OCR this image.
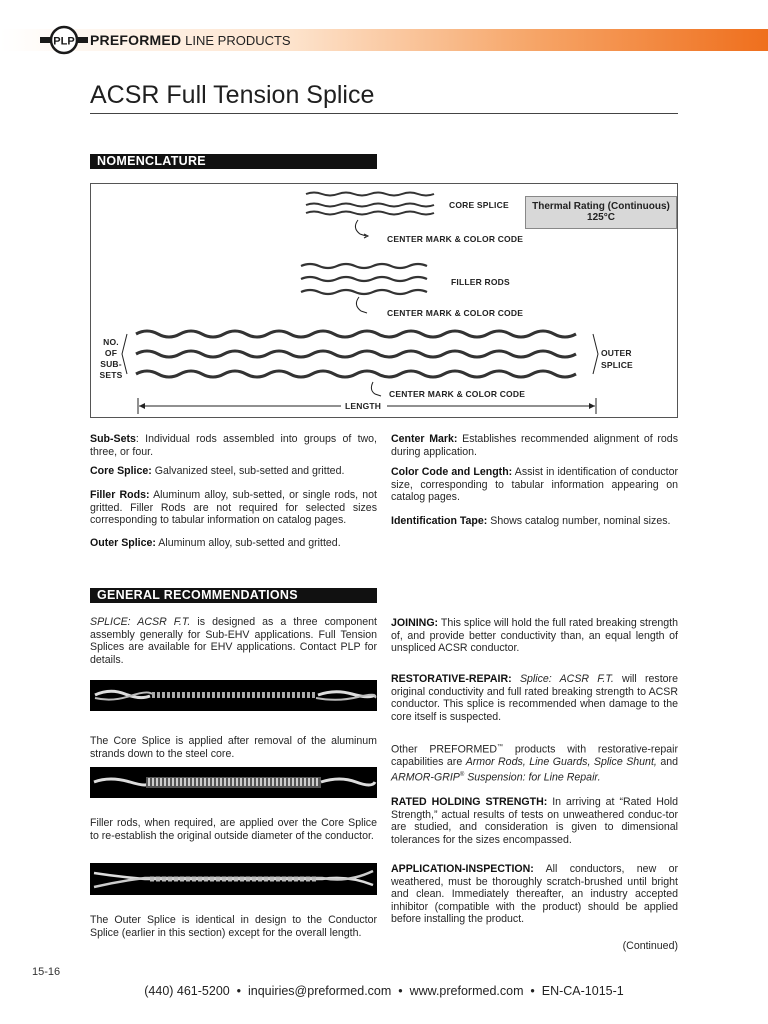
PLP PREFORMED LINE PRODUCTS
ACSR Full Tension Splice
NOMENCLATURE
CORE SPLICE
CENTER MARK & COLOR CODE
FILLER RODS
CENTER MARK & COLOR CODE
NO.
OF
SUB-
SETS
OUTER
SPLICE
CENTER MARK & COLOR CODE
LENGTH
Thermal Rating (Continuous)
125°C
Sub-Sets: Individual rods assembled into groups of two, three, or four.
Core Splice: Galvanized steel, sub-setted and gritted.
Filler Rods: Aluminum alloy, sub-setted, or single rods, not gritted. Filler Rods are not required for selected sizes corresponding to tabular information on catalog pages.
Outer Splice: Aluminum alloy, sub-setted and gritted.
Center Mark: Establishes recommended alignment of rods during application.
Color Code and Length: Assist in identification of conductor size, corresponding to tabular information appearing on catalog pages.
Identification Tape: Shows catalog number, nominal sizes.
GENERAL RECOMMENDATIONS
SPLICE: ACSR F.T. is designed as a three component assembly generally for Sub-EHV applications. Full Tension Splices are available for EHV applications. Contact PLP for details.
The Core Splice is applied after removal of the aluminum strands down to the steel core.
Filler rods, when required, are applied over the Core Splice to re-establish the original outside diameter of the conductor.
The Outer Splice is identical in design to the Conductor Splice (earlier in this section) except for the overall length.
JOINING: This splice will hold the full rated breaking strength of, and provide better conductivity than, an equal length of unspliced ACSR conductor.
RESTORATIVE-REPAIR: Splice: ACSR F.T. will restore original conductivity and full rated breaking strength to ACSR conductor. This splice is recommended when damage to the core itself is suspected.
Other PREFORMED™ products with restorative-repair capabilities are Armor Rods, Line Guards, Splice Shunt, and ARMOR-GRIP® Suspension: for Line Repair.
RATED HOLDING STRENGTH: In arriving at “Rated Hold Strength,” actual results of tests on unweathered conduc-tor are studied, and consideration is given to dimensional tolerances for the sizes encompassed.
APPLICATION-INSPECTION: All conductors, new or weathered, must be thoroughly scratch-brushed until bright and clean. Immediately thereafter, an industry accepted inhibitor (compatible with the product) should be applied before installing the product.
(Continued)
15-16
(440) 461-5200  •  inquiries@preformed.com  •  www.preformed.com  •  EN-CA-1015-1
